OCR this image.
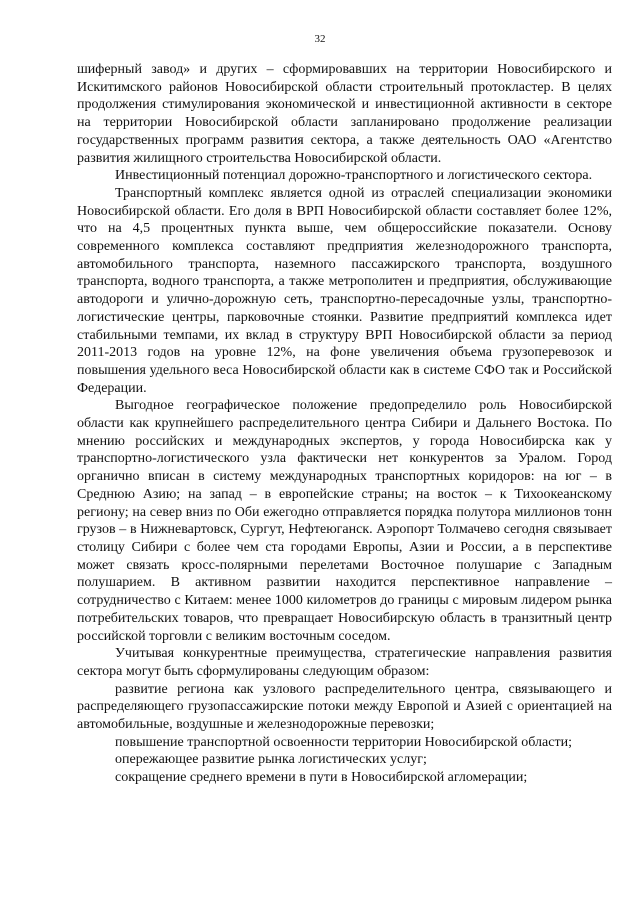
32

шиферный завод» и других – сформировавших на территории Новосибирского и Искитимского районов Новосибирской области строительный протокластер. В целях продолжения стимулирования экономической и инвестиционной активности в секторе на территории Новосибирской области запланировано продолжение реализации государственных программ развития сектора, а также деятельность ОАО «Агентство развития жилищного строительства Новосибирской области.

Инвестиционный потенциал дорожно-транспортного и логистического сектора.

Транспортный комплекс является одной из отраслей специализации экономики Новосибирской области. Его доля в ВРП Новосибирской области составляет более 12%, что на 4,5 процентных пункта выше, чем общероссийские показатели. Основу современного комплекса составляют предприятия железнодорожного транспорта, автомобильного транспорта, наземного пассажирского транспорта, воздушного транспорта, водного транспорта, а также метрополитен и предприятия, обслуживающие автодороги и улично-дорожную сеть, транспортно-пересадочные узлы, транспортно-логистические центры, парковочные стоянки. Развитие предприятий комплекса идет стабильными темпами, их вклад в структуру ВРП Новосибирской области за период 2011-2013 годов на уровне 12%, на фоне увеличения объема грузоперевозок и повышения удельного веса Новосибирской области как в системе СФО так и Российской Федерации.

Выгодное географическое положение предопределило роль Новосибирской области как крупнейшего распределительного центра Сибири и Дальнего Востока. По мнению российских и международных экспертов, у города Новосибирска как у транспортно-логистического узла фактически нет конкурентов за Уралом. Город органично вписан в систему международных транспортных коридоров: на юг – в Среднюю Азию; на запад – в европейские страны; на восток – к Тихоокеанскому региону; на север вниз по Оби ежегодно отправляется порядка полутора миллионов тонн грузов – в Нижневартовск, Сургут, Нефтеюганск. Аэропорт Толмачево сегодня связывает столицу Сибири с более чем ста городами Европы, Азии и России, а в перспективе может связать кросс-полярными перелетами Восточное полушарие с Западным полушарием. В активном развитии находится перспективное направление – сотрудничество с Китаем: менее 1000 километров до границы с мировым лидером рынка потребительских товаров, что превращает Новосибирскую область в транзитный центр российской торговли с великим восточным соседом.

Учитывая конкурентные преимущества, стратегические направления развития сектора могут быть сформулированы следующим образом:

развитие региона как узлового распределительного центра, связывающего и распределяющего грузопассажирские потоки между Европой и Азией с ориентацией на автомобильные, воздушные и железнодорожные перевозки;

повышение транспортной освоенности территории Новосибирской области;

опережающее развитие рынка логистических услуг;

сокращение среднего времени в пути в Новосибирской агломерации;
